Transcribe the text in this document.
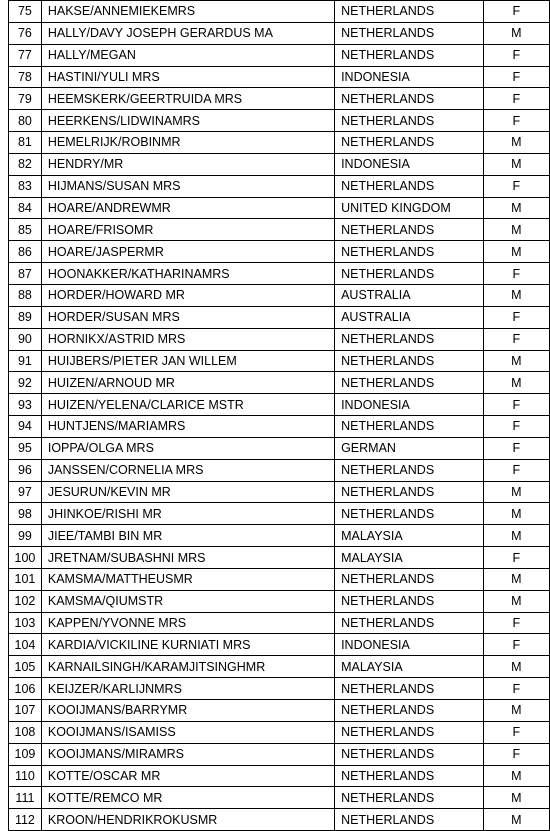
75	HAKSE/ANNEMIEKEMRS	NETHERLANDS	F
76	HALLY/DAVY JOSEPH GERARDUS MA	NETHERLANDS	M
77	HALLY/MEGAN	NETHERLANDS	F
78	HASTINI/YULI MRS	INDONESIA	F
79	HEEMSKERK/GEERTRUIDA MRS	NETHERLANDS	F
80	HEERKENS/LIDWINAMRS	NETHERLANDS	F
81	HEMELRIJK/ROBINMR	NETHERLANDS	M
82	HENDRY/MR	INDONESIA	M
83	HIJMANS/SUSAN MRS	NETHERLANDS	F
84	HOARE/ANDREWMR	UNITED KINGDOM	M
85	HOARE/FRISOMR	NETHERLANDS	M
86	HOARE/JASPERMR	NETHERLANDS	M
87	HOONAKKER/KATHARINAMRS	NETHERLANDS	F
88	HORDER/HOWARD MR	AUSTRALIA	M
89	HORDER/SUSAN MRS	AUSTRALIA	F
90	HORNIKX/ASTRID MRS	NETHERLANDS	F
91	HUIJBERS/PIETER JAN WILLEM	NETHERLANDS	M
92	HUIZEN/ARNOUD MR	NETHERLANDS	M
93	HUIZEN/YELENA/CLARICE MSTR	INDONESIA	F
94	HUNTJENS/MARIAMRS	NETHERLANDS	F
95	IOPPA/OLGA MRS	GERMAN	F
96	JANSSEN/CORNELIA MRS	NETHERLANDS	F
97	JESURUN/KEVIN MR	NETHERLANDS	M
98	JHINKOE/RISHI MR	NETHERLANDS	M
99	JIEE/TAMBI BIN MR	MALAYSIA	M
100	JRETNAM/SUBASHNI MRS	MALAYSIA	F
101	KAMSMA/MATTHEUSMR	NETHERLANDS	M
102	KAMSMA/QIUMSTR	NETHERLANDS	M
103	KAPPEN/YVONNE MRS	NETHERLANDS	F
104	KARDIA/VICKILINE KURNIATI MRS	INDONESIA	F
105	KARNAILSINGH/KARAMJITSINGHMR	MALAYSIA	M
106	KEIJZER/KARLIJNMRS	NETHERLANDS	F
107	KOOIJMANS/BARRYMR	NETHERLANDS	M
108	KOOIJMANS/ISAMISS	NETHERLANDS	F
109	KOOIJMANS/MIRAMRS	NETHERLANDS	F
110	KOTTE/OSCAR MR	NETHERLANDS	M
111	KOTTE/REMCO MR	NETHERLANDS	M
112	KROON/HENDRIKROKUSMR	NETHERLANDS	M
